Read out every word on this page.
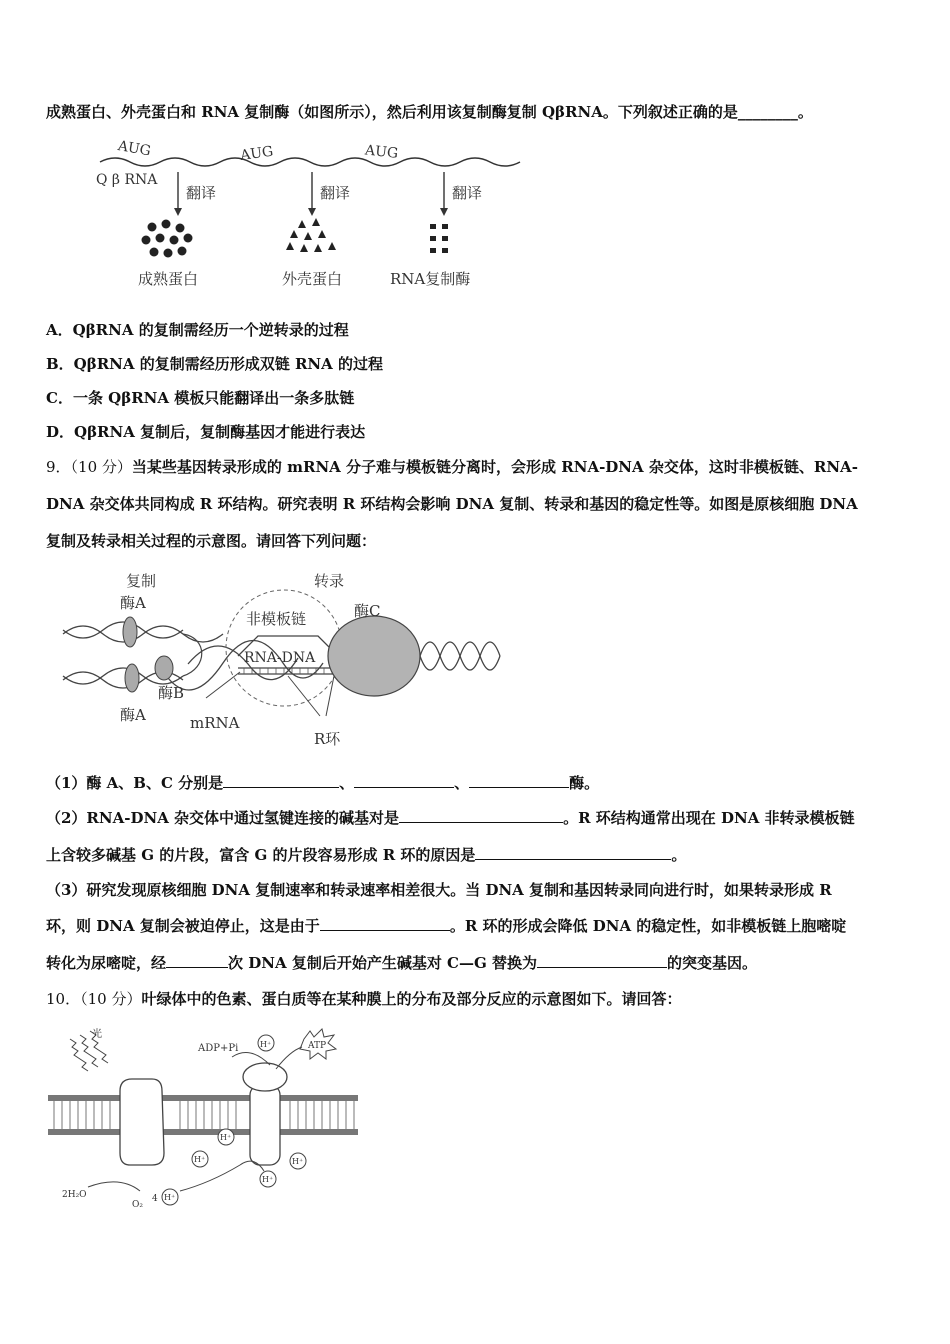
成熟蛋白、外壳蛋白和 RNA 复制酶（如图所示），然后利用该复制酶复制 QβRNA。下列叙述正确的是________。
Q β RNA
AUG	AUG	AUG
翻译	翻译	翻译
成熟蛋白	外壳蛋白	RNA复制酶
A．QβRNA 的复制需经历一个逆转录的过程
B．QβRNA 的复制需经历形成双链 RNA 的过程
C．一条 QβRNA 模板只能翻译出一条多肽链
D．QβRNA 复制后，复制酶基因才能进行表达
9．（10 分）当某些基因转录形成的 mRNA 分子难与模板链分离时，会形成 RNA-DNA 杂交体，这时非模板链、RNA-
DNA 杂交体共同构成 R 环结构。研究表明 R 环结构会影响 DNA 复制、转录和基因的稳定性等。如图是原核细胞 DNA
复制及转录相关过程的示意图。请回答下列问题：
复制	转录
酶A
酶A
酶B
非模板链
RNA-DNA
酶C
mRNA
R环
（1）酶 A、B、C 分别是	、	、	酶。
（2）RNA-DNA 杂交体中通过氢键连接的碱基对是	。R 环结构通常出现在 DNA 非转录模板链
上含较多碱基 G 的片段，富含 G 的片段容易形成 R 环的原因是	。
（3）研究发现原核细胞 DNA 复制速率和转录速率相差很大。当 DNA 复制和基因转录同向进行时，如果转录形成 R
环，则 DNA 复制会被迫停止，这是由于	。R 环的形成会降低 DNA 的稳定性，如非模板链上胞嘧啶
转化为尿嘧啶，经	次 DNA 复制后开始产生碱基对 C—G 替换为	的突变基因。
10．（10 分）叶绿体中的色素、蛋白质等在某种膜上的分布及部分反应的示意图如下。请回答：
光
ADP+Pi	H⁺	ATP
H⁺
H⁺
H⁺
H⁺
2H₂O
O₂
4 H⁺
